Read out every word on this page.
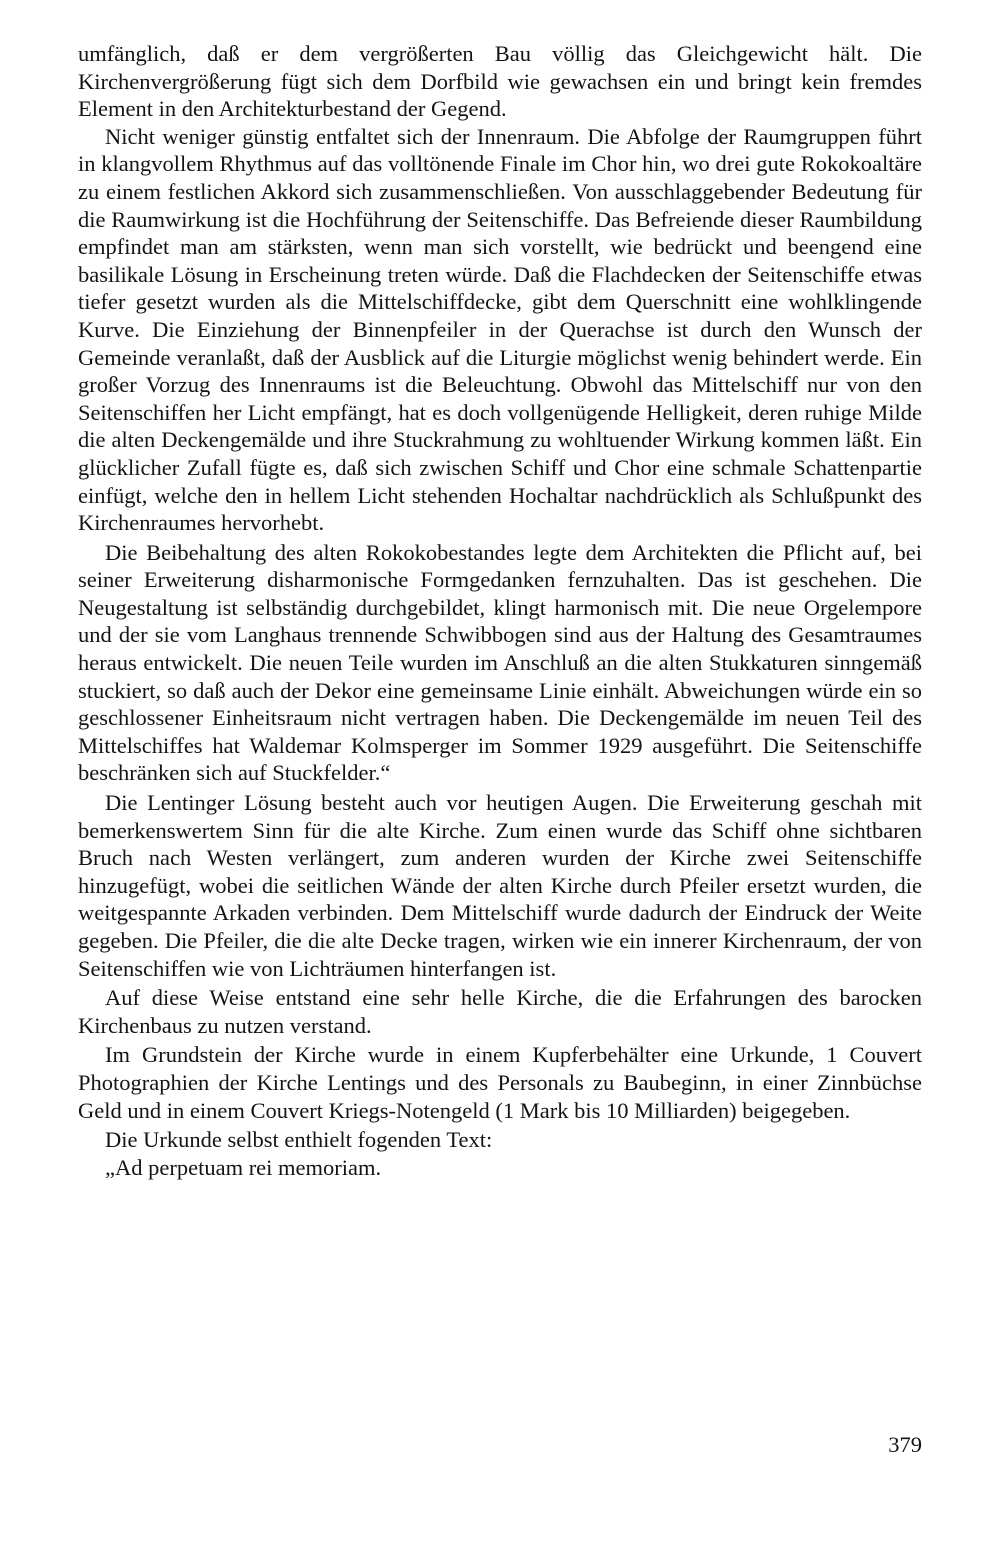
umfänglich, daß er dem vergrößerten Bau völlig das Gleichgewicht hält. Die Kirchenvergrößerung fügt sich dem Dorfbild wie gewachsen ein und bringt kein fremdes Element in den Architekturbestand der Gegend.

Nicht weniger günstig entfaltet sich der Innenraum. Die Abfolge der Raumgruppen führt in klangvollem Rhythmus auf das volltönende Finale im Chor hin, wo drei gute Rokokoaltäre zu einem festlichen Akkord sich zusammenschließen. Von ausschlaggebender Bedeutung für die Raumwirkung ist die Hochführung der Seitenschiffe. Das Befreiende dieser Raumbildung empfindet man am stärksten, wenn man sich vorstellt, wie bedrückt und beengend eine basilikale Lösung in Erscheinung treten würde. Daß die Flachdecken der Seitenschiffe etwas tiefer gesetzt wurden als die Mittelschiffdecke, gibt dem Querschnitt eine wohlklingende Kurve. Die Einziehung der Binnenpfeiler in der Querachse ist durch den Wunsch der Gemeinde veranlaßt, daß der Ausblick auf die Liturgie möglichst wenig behindert werde. Ein großer Vorzug des Innenraums ist die Beleuchtung. Obwohl das Mittelschiff nur von den Seitenschiffen her Licht empfängt, hat es doch vollgenügende Helligkeit, deren ruhige Milde die alten Deckengemälde und ihre Stuckrahmung zu wohltuender Wirkung kommen läßt. Ein glücklicher Zufall fügte es, daß sich zwischen Schiff und Chor eine schmale Schattenpartie einfügt, welche den in hellem Licht stehenden Hochaltar nachdrücklich als Schlußpunkt des Kirchenraumes hervorhebt.

Die Beibehaltung des alten Rokokobestandes legte dem Architekten die Pflicht auf, bei seiner Erweiterung disharmonische Formgedanken fernzuhalten. Das ist geschehen. Die Neugestaltung ist selbständig durchgebildet, klingt harmonisch mit. Die neue Orgelempore und der sie vom Langhaus trennende Schwibbogen sind aus der Haltung des Gesamtraumes heraus entwickelt. Die neuen Teile wurden im Anschluß an die alten Stukkaturen sinngemäß stuckiert, so daß auch der Dekor eine gemeinsame Linie einhält. Abweichungen würde ein so geschlossener Einheitsraum nicht vertragen haben. Die Deckengemälde im neuen Teil des Mittelschiffes hat Waldemar Kolmsperger im Sommer 1929 ausgeführt. Die Seitenschiffe beschränken sich auf Stuckfelder.“

Die Lentinger Lösung besteht auch vor heutigen Augen. Die Erweiterung geschah mit bemerkenswertem Sinn für die alte Kirche. Zum einen wurde das Schiff ohne sichtbaren Bruch nach Westen verlängert, zum anderen wurden der Kirche zwei Seitenschiffe hinzugefügt, wobei die seitlichen Wände der alten Kirche durch Pfeiler ersetzt wurden, die weitgespannte Arkaden verbinden. Dem Mittelschiff wurde dadurch der Eindruck der Weite gegeben. Die Pfeiler, die die alte Decke tragen, wirken wie ein innerer Kirchenraum, der von Seitenschiffen wie von Lichträumen hinterfangen ist.

Auf diese Weise entstand eine sehr helle Kirche, die die Erfahrungen des barocken Kirchenbaus zu nutzen verstand.

Im Grundstein der Kirche wurde in einem Kupferbehälter eine Urkunde, 1 Couvert Photographien der Kirche Lentings und des Personals zu Baubeginn, in einer Zinnbüchse Geld und in einem Couvert Kriegs-Notengeld (1 Mark bis 10 Milliarden) beigegeben.

Die Urkunde selbst enthielt fogenden Text:

„Ad perpetuam rei memoriam.

379
